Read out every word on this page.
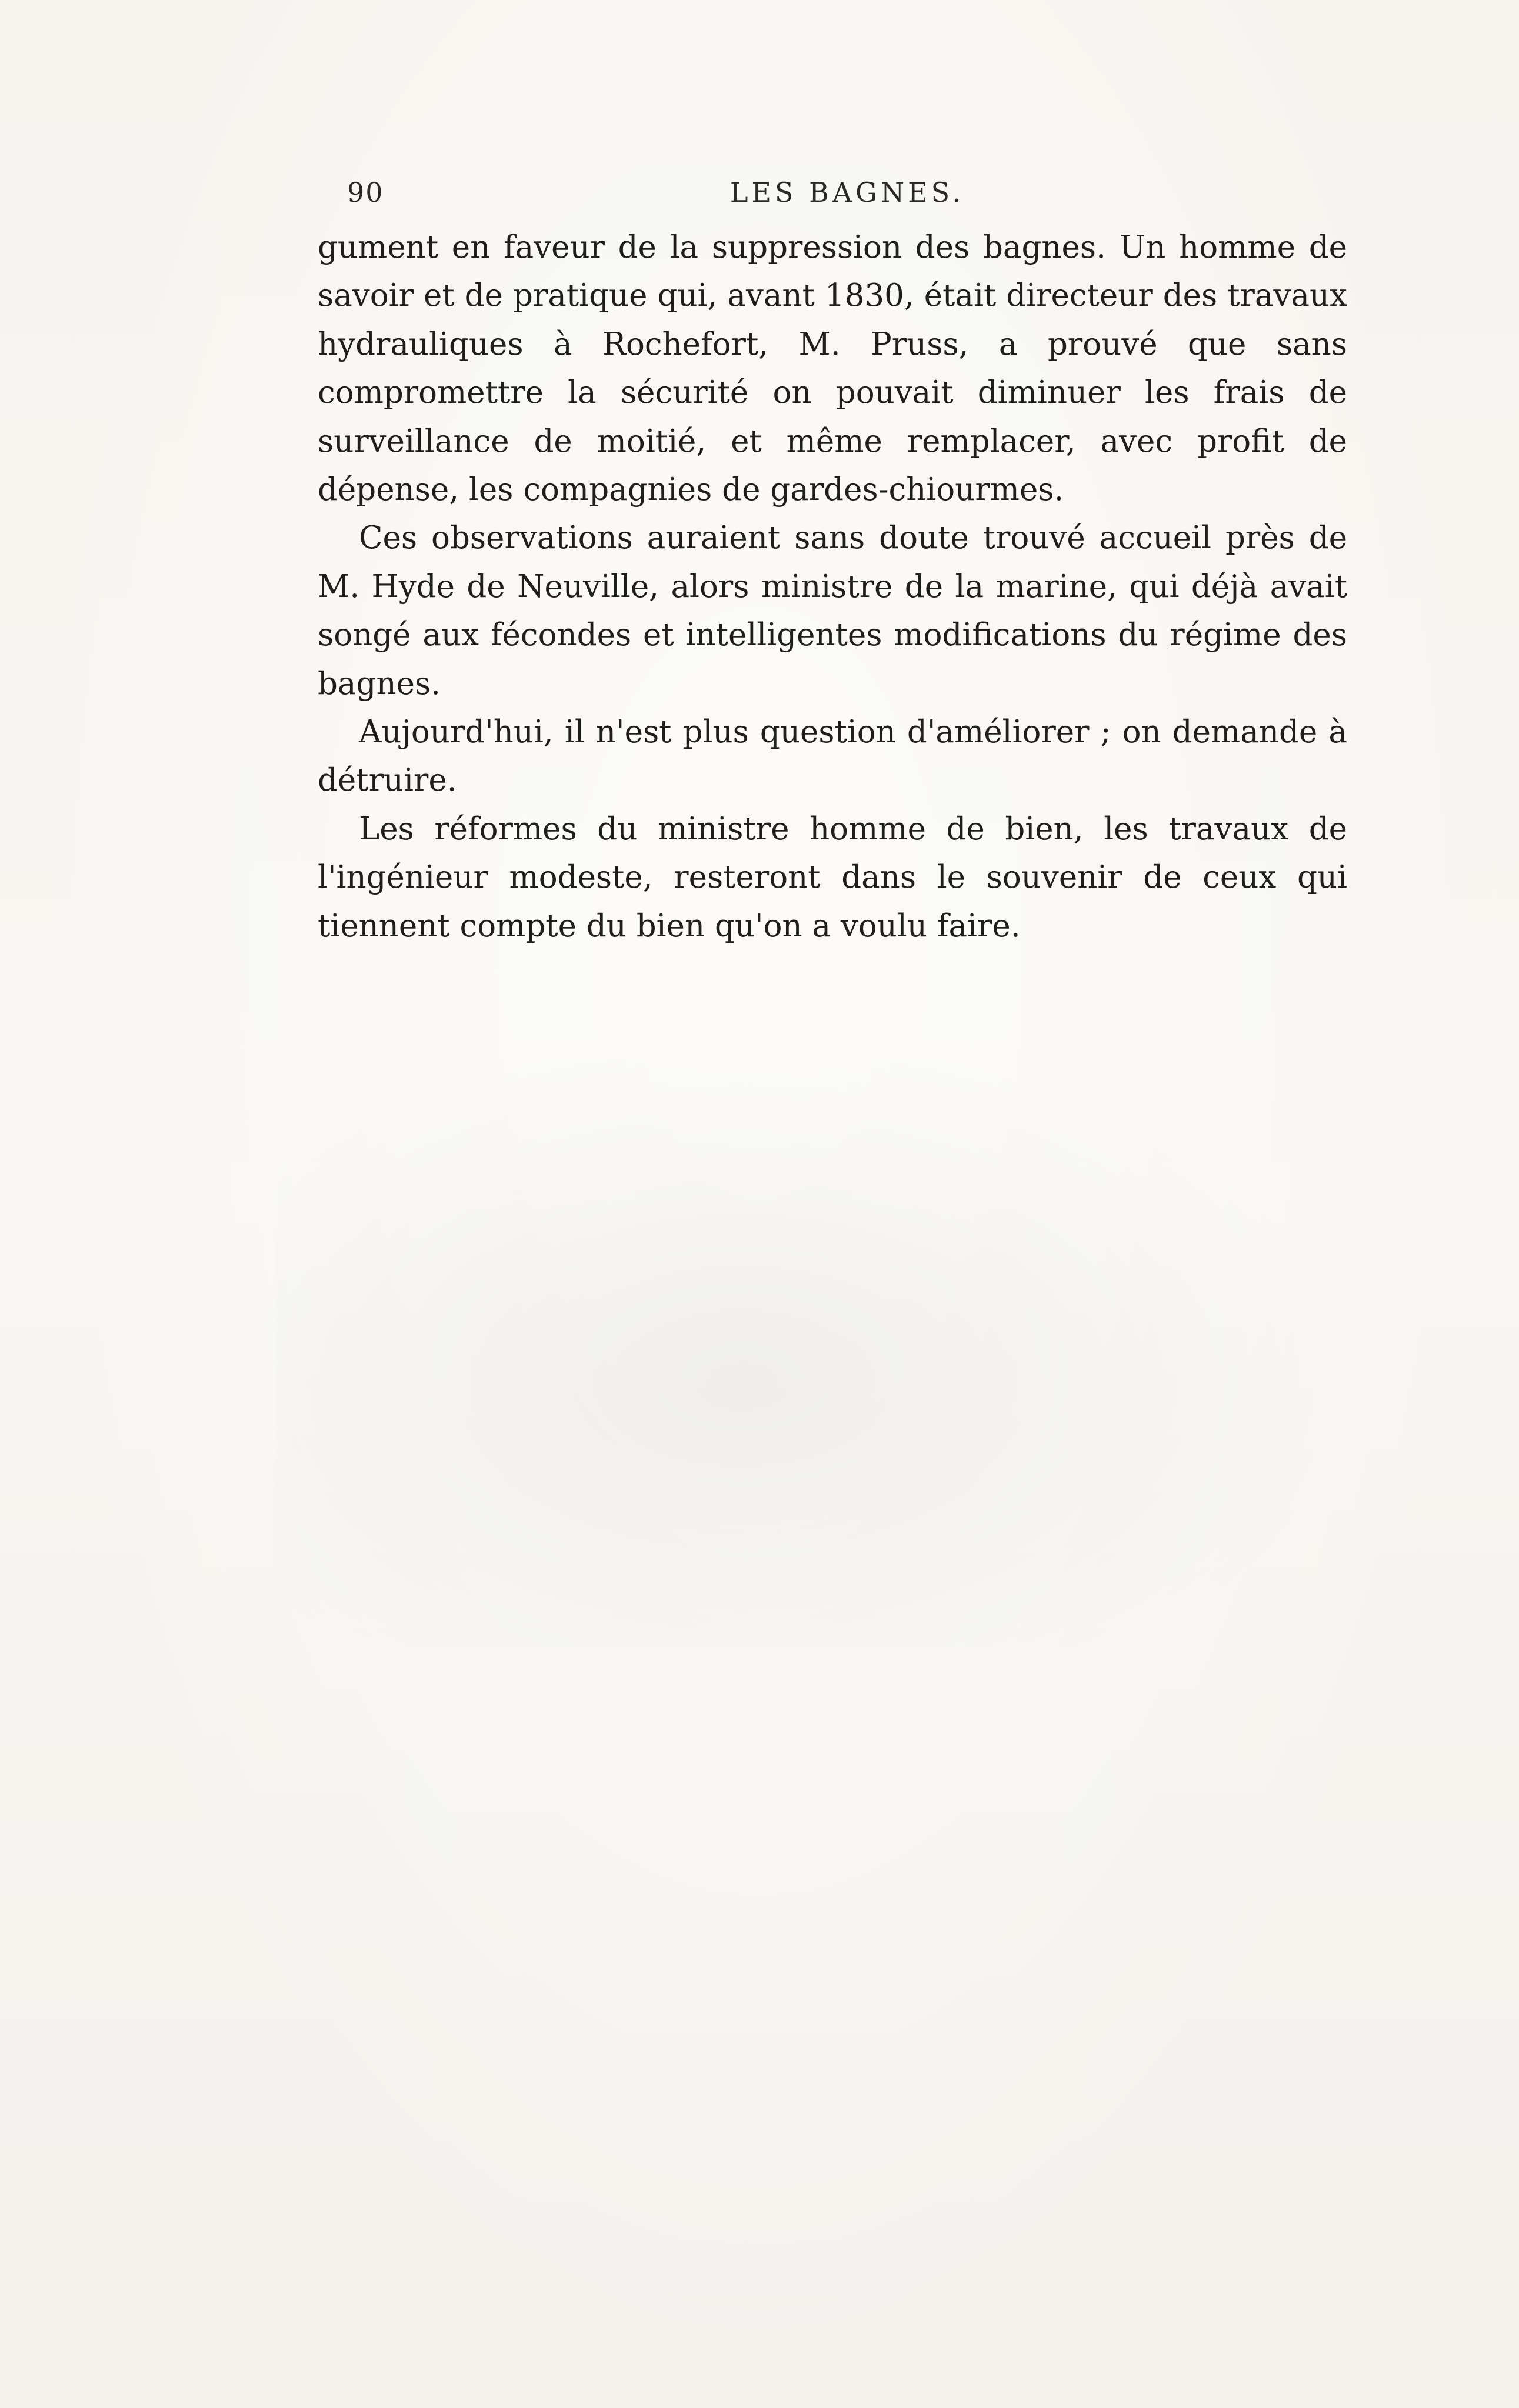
90	LES BAGNES.

gument en faveur de la suppression des bagnes. Un homme de savoir et de pratique qui, avant 1830, était directeur des travaux hydrauliques à Rochefort, M. Pruss, a prouvé que sans compromettre la sécurité on pouvait diminuer les frais de surveillance de moitié, et même remplacer, avec profit de dépense, les compagnies de gardes-chiourmes.

Ces observations auraient sans doute trouvé accueil près de M. Hyde de Neuville, alors ministre de la marine, qui déjà avait songé aux fécondes et intelligentes modifications du régime des bagnes.

Aujourd'hui, il n'est plus question d'améliorer ; on demande à détruire.

Les réformes du ministre homme de bien, les travaux de l'ingénieur modeste, resteront dans le souvenir de ceux qui tiennent compte du bien qu'on a voulu faire.
